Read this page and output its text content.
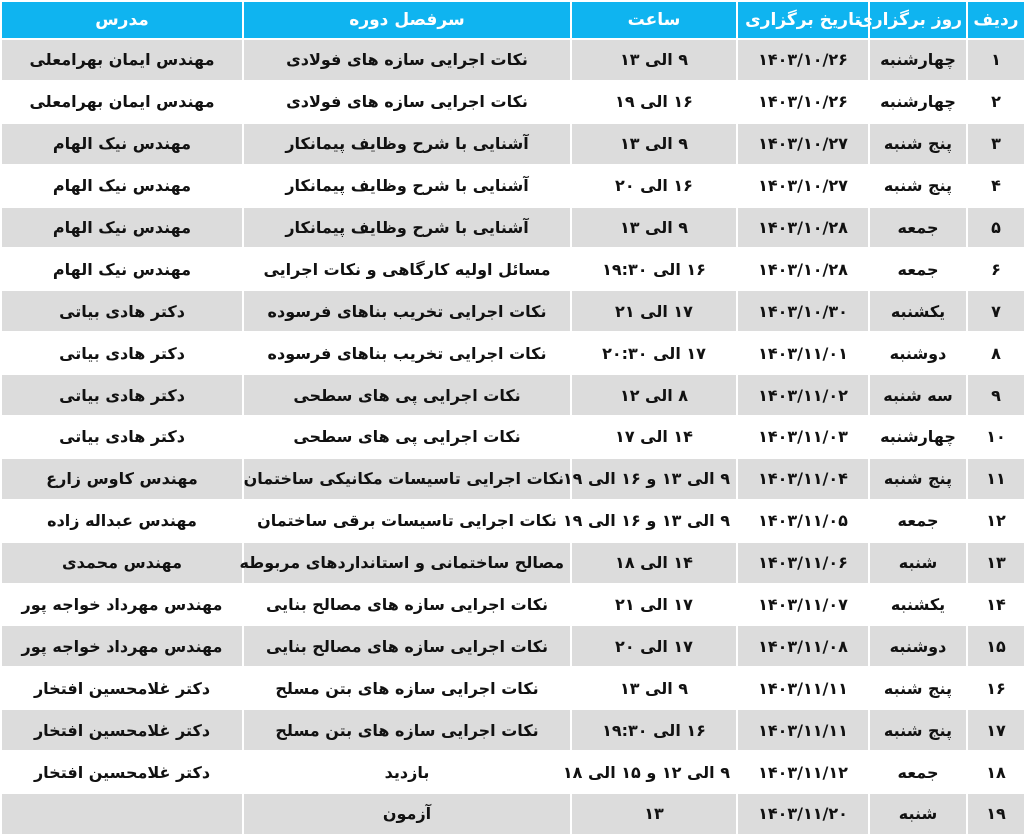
ردیف	روز برگزاری	تاریخ برگزاری	ساعت	سرفصل دوره	مدرس
۱	چهارشنبه	۱۴۰۳/۱۰/۲۶	۹ الی ۱۳	نکات اجرایی سازه های فولادی	مهندس ایمان بهرامعلی
۲	چهارشنبه	۱۴۰۳/۱۰/۲۶	۱۶ الی ۱۹	نکات اجرایی سازه های فولادی	مهندس ایمان بهرامعلی
۳	پنج شنبه	۱۴۰۳/۱۰/۲۷	۹ الی ۱۳	آشنایی با شرح وظایف پیمانکار	مهندس نیک الهام
۴	پنج شنبه	۱۴۰۳/۱۰/۲۷	۱۶ الی ۲۰	آشنایی با شرح وظایف پیمانکار	مهندس نیک الهام
۵	جمعه	۱۴۰۳/۱۰/۲۸	۹ الی ۱۳	آشنایی با شرح وظایف پیمانکار	مهندس نیک الهام
۶	جمعه	۱۴۰۳/۱۰/۲۸	۱۶ الی ۱۹:۳۰	مسائل اولیه کارگاهی و نکات اجرایی	مهندس نیک الهام
۷	یکشنبه	۱۴۰۳/۱۰/۳۰	۱۷ الی ۲۱	نکات اجرایی تخریب بناهای فرسوده	دکتر هادی بیاتی
۸	دوشنبه	۱۴۰۳/۱۱/۰۱	۱۷ الی ۲۰:۳۰	نکات اجرایی تخریب بناهای فرسوده	دکتر هادی بیاتی
۹	سه شنبه	۱۴۰۳/۱۱/۰۲	۸ الی ۱۲	نکات اجرایی پی های سطحی	دکتر هادی بیاتی
۱۰	چهارشنبه	۱۴۰۳/۱۱/۰۳	۱۴ الی ۱۷	نکات اجرایی پی های سطحی	دکتر هادی بیاتی
۱۱	پنج شنبه	۱۴۰۳/۱۱/۰۴	۹ الی ۱۳ و ۱۶ الی ۱۹	نکات اجرایی تاسیسات مکانیکی ساختمان	مهندس کاوس زارع
۱۲	جمعه	۱۴۰۳/۱۱/۰۵	۹ الی ۱۳ و ۱۶ الی ۱۹	نکات اجرایی تاسیسات برقی ساختمان	مهندس عبداله زاده
۱۳	شنبه	۱۴۰۳/۱۱/۰۶	۱۴ الی ۱۸	مصالح ساختمانی و استانداردهای مربوطه	مهندس محمدی
۱۴	یکشنبه	۱۴۰۳/۱۱/۰۷	۱۷ الی ۲۱	نکات اجرایی سازه های مصالح بنایی	مهندس مهرداد خواجه پور
۱۵	دوشنبه	۱۴۰۳/۱۱/۰۸	۱۷ الی ۲۰	نکات اجرایی سازه های مصالح بنایی	مهندس مهرداد خواجه پور
۱۶	پنج شنبه	۱۴۰۳/۱۱/۱۱	۹ الی ۱۳	نکات اجرایی سازه های بتن مسلح	دکتر غلامحسین افتخار
۱۷	پنج شنبه	۱۴۰۳/۱۱/۱۱	۱۶ الی ۱۹:۳۰	نکات اجرایی سازه های بتن مسلح	دکتر غلامحسین افتخار
۱۸	جمعه	۱۴۰۳/۱۱/۱۲	۹ الی ۱۲ و ۱۵ الی ۱۸	بازدید	دکتر غلامحسین افتخار
۱۹	شنبه	۱۴۰۳/۱۱/۲۰	۱۳	آزمون	
